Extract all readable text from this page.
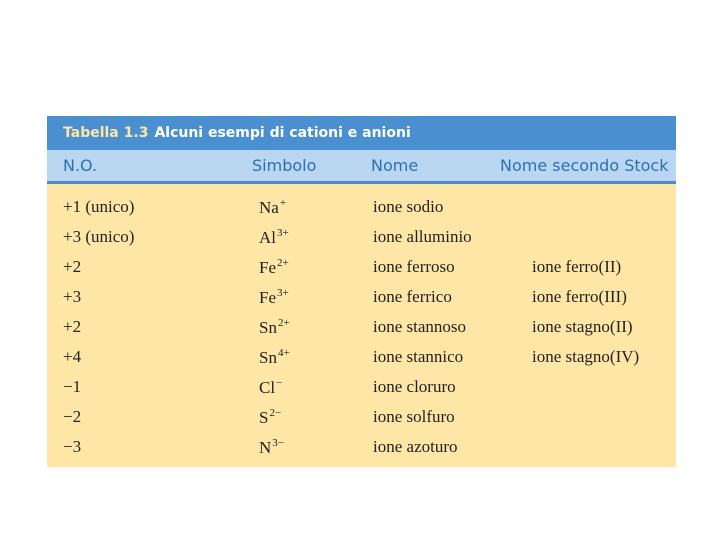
Tabella 1.3 Alcuni esempi di cationi e anioni
N.O.	Simbolo	Nome	Nome secondo Stock
+1 (unico)	Na+	ione sodio
+3 (unico)	$Al^{3+}$	ione alluminio
+2	$Fe^{2+}$	ione ferroso	ione ferro(II)
+3	$Fe^{3+}$	ione ferrico	ione ferro(III)
+2	$Sn^{2+}$	ione stannoso	ione stagno(II)
+4	$Sn^{4+}$	ione stannico	ione stagno(IV)
−1	Cl−	ione cloruro
−2	$S^{2-}$	ione solfuro
−3	$N^{3-}$	ione azoturo
